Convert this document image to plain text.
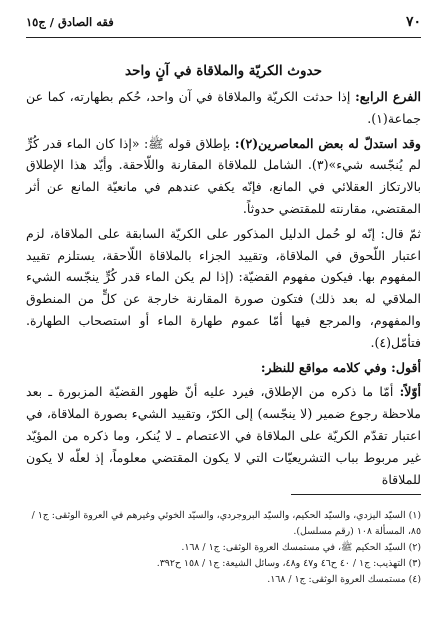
٧٠
فقه الصادق / ج١٥
حدوث الكريّة والملاقاة في آنٍ واحد

الفرع الرابع: إذا حدثت الكريّة والملاقاة في آن واحد، حُكم بطهارته، كما عن جماعة(١).

وقد استدلّ له بعض المعاصرين(٢): بإطلاق قوله ﷺ: «إذا كان الماء قدر كُرٍّ لم يُنجّسه شيء»(٣). الشامل للملاقاة المقارنة واللّاحقة. وأيّد هذا الإطلاق بالارتكاز العقلائي في المانع، فإنّه يكفي عندهم في مانعيّة المانع عن أثر المقتضي، مقارنته للمقتضي حدوثاً.

ثمّ قال: إنّه لو حُمل الدليل المذكور على الكريّة السابقة على الملاقاة، لزم اعتبار اللّحوق في الملاقاة، وتقييد الجزاء بالملاقاة اللّاحقة، يستلزم تقييد المفهوم بها. فيكون مفهوم القضيّة: (إذا لم يكن الماء قدر كُرٍّ ينجّسه الشيء الملاقي له بعد ذلك) فتكون صورة المقارنة خارجة عن كلٍّ من المنطوق والمفهوم، والمرجع فيها أمّا عموم طهارة الماء أو استصحاب الطهارة. فتأمّل(٤).

أقول: وفي كلامه مواقع للنظر:

أوّلاً: أمّا ما ذكره من الإطلاق، فيرد عليه أنّ ظهور القضيّة المزبورة ـ بعد ملاحظة رجوع ضمير (لا ينجّسه) إلى الكرّ، وتقييد الشيء بصورة الملاقاة، في اعتبار تقدّم الكريّة على الملاقاة في الاعتصام ـ لا يُنكر، وما ذكره من المؤيّد غير مربوط بباب التشريعيّات التي لا يكون المقتضي معلوماً، إذ لعلّه لا يكون للملاقاة

(١) السيّد اليزدي، والسيّد الحكيم، والسيّد البروجردي، والسيّد الخوئي وغيرهم في العروة الوثقى: ج١ / ٨٥، المسألة ١٠٨ (رقم مسلسل).
(٢) السيّد الحكيم ﷺ، في مستمسك العروة الوثقى: ج١ / ١٦٨.
(٣) التهذيب: ج١ / ٤٠ ح٤٦ و٤٧ و٤٨، وسائل الشيعة: ج١ / ١٥٨ ح٣٩٢.
(٤) مستمسك العروة الوثقى: ج١ / ١٦٨.
